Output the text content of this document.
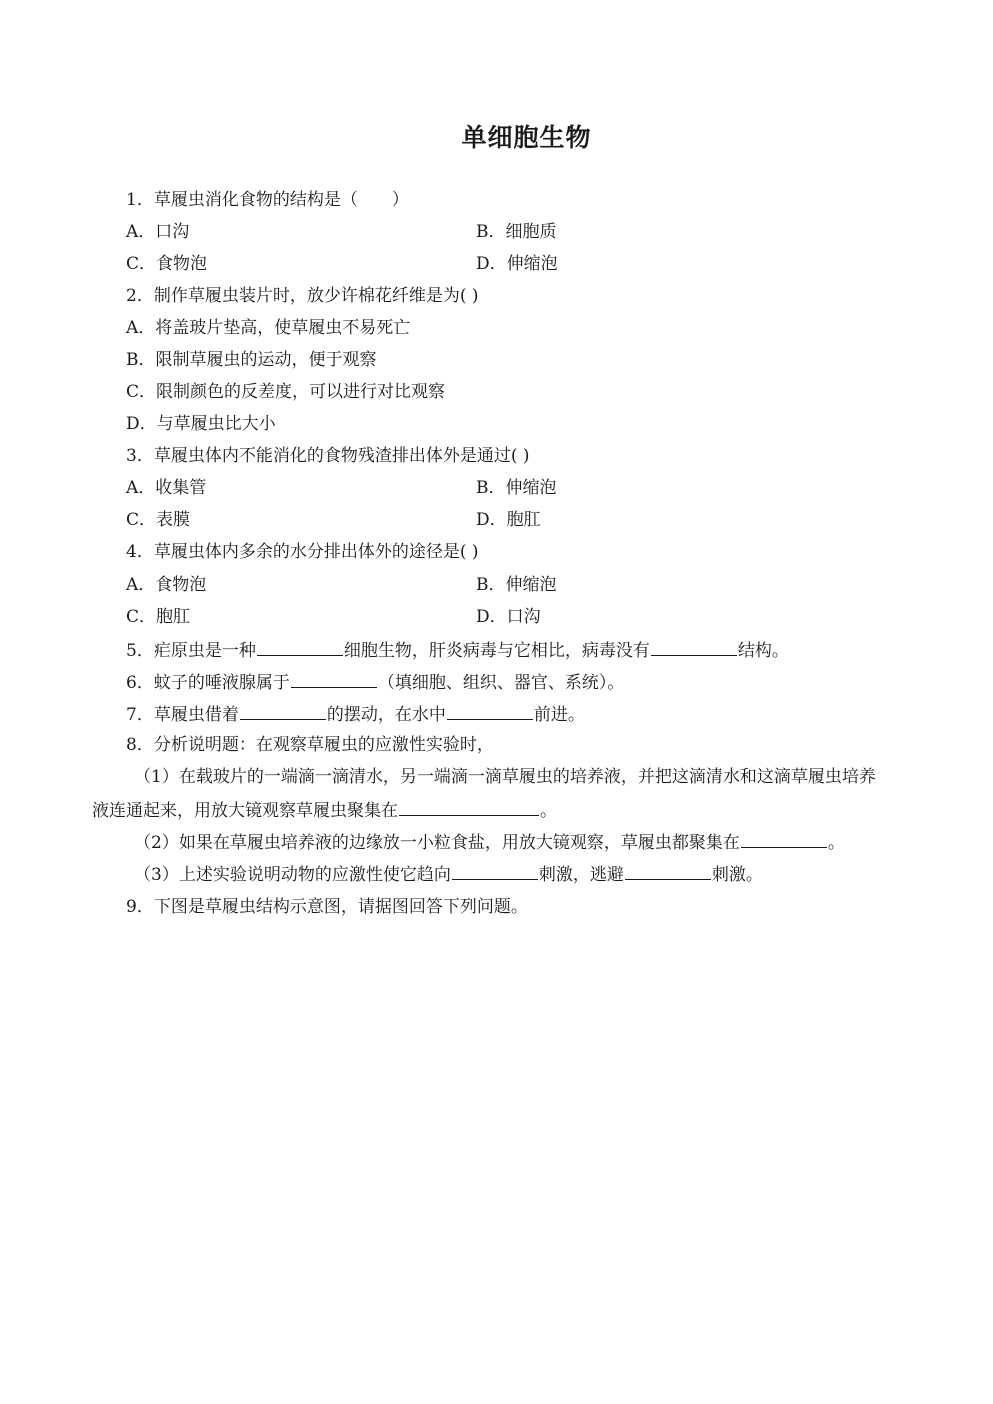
单细胞生物
1．草履虫消化食物的结构是（　　）
A．口沟	B．细胞质
C．食物泡	D．伸缩泡
2．制作草履虫装片时，放少许棉花纤维是为( )
A．将盖玻片垫高，使草履虫不易死亡
B．限制草履虫的运动，便于观察
C．限制颜色的反差度，可以进行对比观察
D．与草履虫比大小
3．草履虫体内不能消化的食物残渣排出体外是通过( )
A．收集管	B．伸缩泡
C．表膜	D．胞肛
4．草履虫体内多余的水分排出体外的途径是( )
A．食物泡	B．伸缩泡
C．胞肛	D．口沟
5．疟原虫是一种	细胞生物，肝炎病毒与它相比，病毒没有	结构。
6．蚊子的唾液腺属于	（填细胞、组织、器官、系统）。
7．草履虫借着	的摆动，在水中	前进。
8．分析说明题：在观察草履虫的应激性实验时，
（1）在载玻片的一端滴一滴清水，另一端滴一滴草履虫的培养液，并把这滴清水和这滴草履虫培养
液连通起来，用放大镜观察草履虫聚集在	。
（2）如果在草履虫培养液的边缘放一小粒食盐，用放大镜观察，草履虫都聚集在	。
（3）上述实验说明动物的应激性使它趋向	刺激，逃避	刺激。
9．下图是草履虫结构示意图，请据图回答下列问题。
